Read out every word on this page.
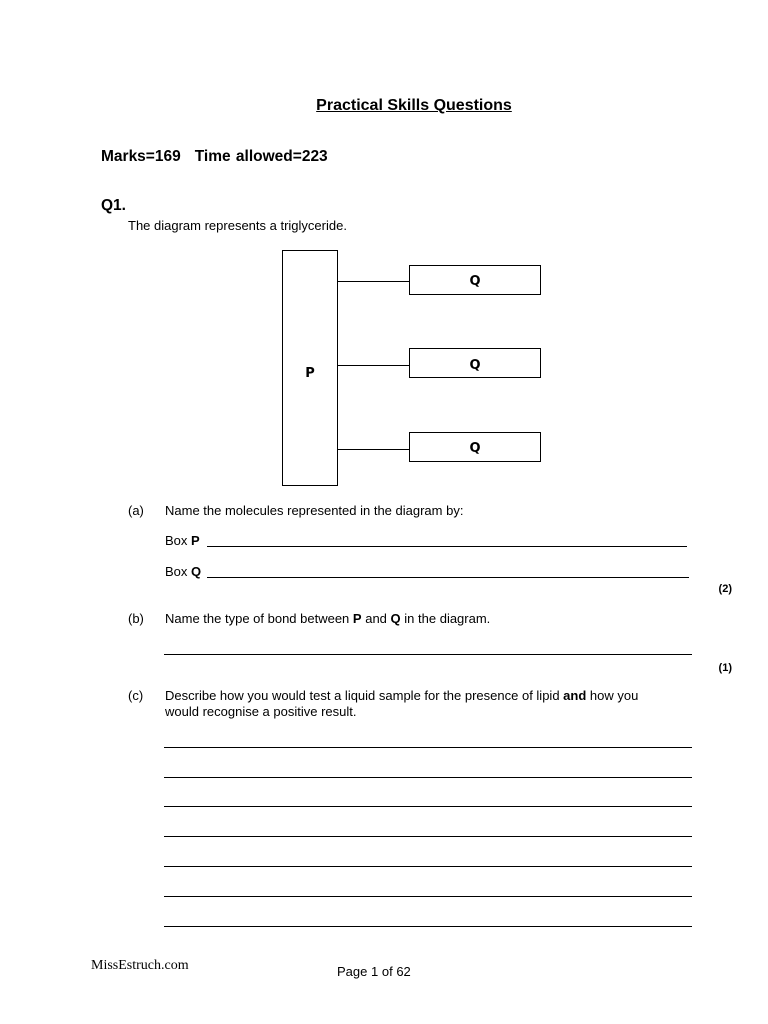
Practical Skills Questions
Marks=169 Time allowed=223
Q1.
The diagram represents a triglyceride.
P
Q
Q
Q
(a) Name the molecules represented in the diagram by:
Box P
Box Q
(2)
(b) Name the type of bond between P and Q in the diagram.
(1)
(c) Describe how you would test a liquid sample for the presence of lipid and how you
would recognise a positive result.
MissEstruch.com	Page 1 of 62
